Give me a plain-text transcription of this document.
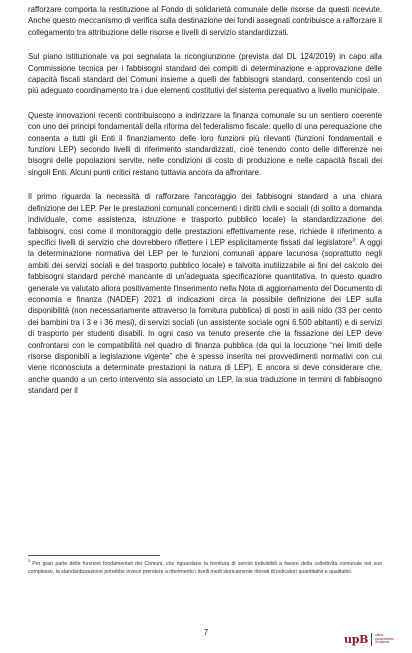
rafforzare comporta la restituzione al Fondo di solidarietà comunale delle risorse da questi ricevute. Anche questo meccanismo di verifica sulla destinazione dei fondi assegnati contribuisce a rafforzare il collegamento tra attribuzione delle risorse e livelli di servizio standardizzati.

Sul piano istituzionale va poi segnalata la ricongiunzione (prevista dal DL 124/2019) in capo alla Commissione tecnica per i fabbisogni standard dei compiti di determinazione e approvazione delle capacità fiscali standard dei Comuni insieme a quelli dei fabbisogni standard, consentendo così un più adeguato coordinamento tra i due elementi costitutivi del sistema perequativo a livello municipale.

Queste innovazioni recenti contribuiscono a indirizzare la finanza comunale su un sentiero coerente con uno dei principi fondamentali della riforma del federalismo fiscale: quello di una perequazione che consenta a tutti gli Enti il finanziamento delle loro funzioni più rilevanti (funzioni fondamentali e funzioni LEP) secondo livelli di riferimento standardizzati, cioè tenendo conto delle differenze nei bisogni delle popolazioni servite, nelle condizioni di costo di produzione e nelle capacità fiscali dei singoli Enti. Alcuni punti critici restano tuttavia ancora da affrontare.

Il primo riguarda la necessità di rafforzare l'ancoraggio dei fabbisogni standard a una chiara definizione dei LEP. Per le prestazioni comunali concernenti i diritti civili e sociali (di solito a domanda individuale, come assistenza, istruzione e trasporto pubblico locale) la standardizzazione dei fabbisogni, così come il monitoraggio delle prestazioni effettivamente rese, richiede il riferimento a specifici livelli di servizio che dovrebbero riflettere i LEP esplicitamente fissati dal legislatore$^3$. A oggi la determinazione normativa dei LEP per le funzioni comunali appare lacunosa (soprattutto negli ambiti dei servizi sociali e del trasporto pubblico locale) e talvolta inutilizzabile ai fini del calcolo dei fabbisogni standard perché mancante di un'adeguata specificazione quantitativa. In questo quadro generale va valutato allora positivamente l'inserimento nella Nota di aggiornamento del Documento di economia e finanza (NADEF) 2021 di indicazioni circa la possibile definizione dei LEP sulla disponibilità (non necessariamente attraverso la fornitura pubblica) di posti in asili nido (33 per cento dei bambini tra i 3 e i 36 mesi), di servizi sociali (un assistente sociale ogni 6.500 abitanti) e di servizi di trasporto per studenti disabili. In ogni caso va tenuto presente che la fissazione dei LEP deve confrontarsi con le compatibilità nel quadro di finanza pubblica (da qui la locuzione “nei limiti delle risorse disponibili a legislazione vigente” che è spesso inserita nei provvedimenti normativi con cui viene riconosciuta a determinate prestazioni la natura di LEP). E ancora si deve considerare che, anche quando a un certo intervento sia associato un LEP, la sua traduzione in termini di fabbisogno standard per il

$^3$Per gran parte delle funzioni fondamentali dei Comuni, che riguardano la fornitura di servizi indivisibili a favore della collettività comunale nel suo complesso, la standardizzazione potrebbe invece prendere a riferimento i livelli medi storicamente rilevati di indicatori quantitativi e qualitativi.
7
upB ufficio
parlamentare
di bilancio
